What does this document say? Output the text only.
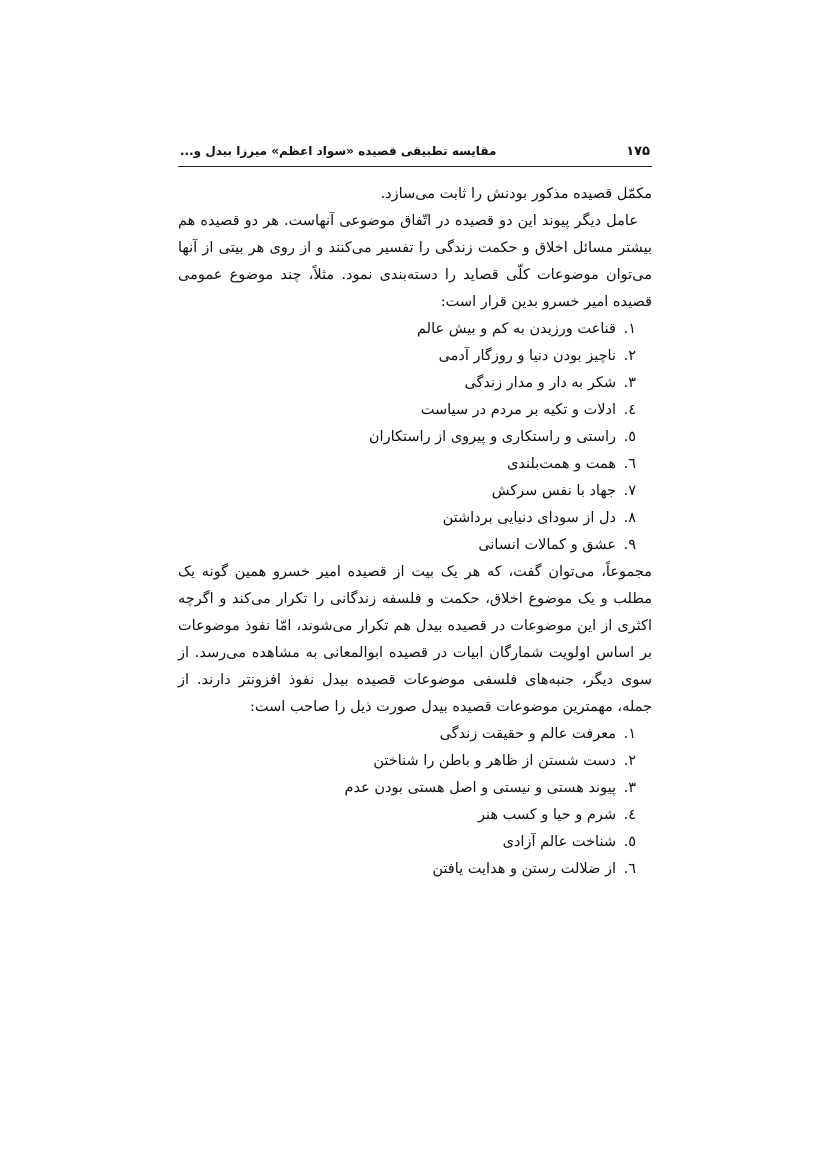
۱۷۵
مقایسه تطبیقی قصیده «سواد اعظم» میرزا بیدل و...

مکمّل قصیده مذکور بودنش را ثابت می‌سازد.

عامل دیگر پیوند این دو قصیده در اتّفاق موضوعی آنهاست. هر دو قصیده هم بیشتر مسائل اخلاق و حکمت زندگی را تفسیر می‌کنند و از روی هر بیتی از آنها می‌توان موضوعات کلّی قصاید را دسته‌بندی نمود. مثلاً، چند موضوع عمومی قصیده امیر خسرو بدین قرار است:

۱.قناعت ورزیدن به کم و بیش عالم
۲.ناچیز بودن دنیا و روزگار آدمی
۳.شکر به دار و مدار زندگی
٤.ادلات و تکیه بر مردم در سیاست
٥.راستی و راستکاری و پیروی از راستکاران
٦.همت و همت‌بلندی
۷.جهاد با نفس سرکش
۸.دل از سودای دنیایی برداشتن
۹.عشق و کمالات انسانی

مجموعاً، می‌توان گفت، که هر یک بیت از قصیده امیر خسرو همین گونه یک مطلب و یک موضوع اخلاق، حکمت و فلسفه زندگانی را تکرار می‌کند و اگرچه اکثری از این موضوعات در قصیده بیدل هم تکرار می‌شوند، امّا نفوذ موضوعات بر اساس اولویت شمارگان ابیات در قصیده ابوالمعانی به مشاهده می‌رسد. از سوی دیگر، جنبه‌های فلسفی موضوعات قصیده بیدل نفوذ افزونتر دارند. از جمله، مهمترین موضوعات قصیده بیدل صورت ذیل را صاحب است:

۱.معرفت عالم و حقیقت زندگی
۲.دست شستن از ظاهر و باطن را شناختن
۳.پیوند هستی و نیستی و اصل هستی بودن عدم
٤.شرم و حیا و کسب هنر
٥.شناخت عالم آزادی
٦.از ضلالت رستن و هدایت یافتن
